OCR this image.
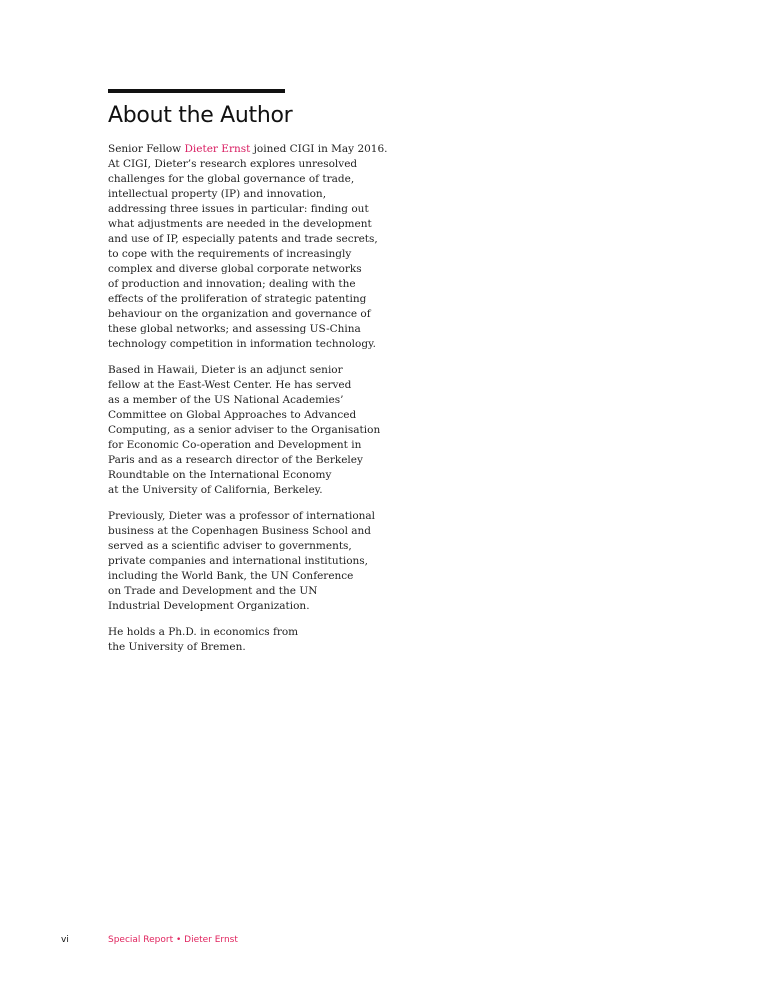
About the Author

Senior Fellow Dieter Ernst joined CIGI in May 2016.
At CIGI, Dieter’s research explores unresolved
challenges for the global governance of trade,
intellectual property (IP) and innovation,
addressing three issues in particular: finding out
what adjustments are needed in the development
and use of IP, especially patents and trade secrets,
to cope with the requirements of increasingly
complex and diverse global corporate networks
of production and innovation; dealing with the
effects of the proliferation of strategic patenting
behaviour on the organization and governance of
these global networks; and assessing US-China
technology competition in information technology.

Based in Hawaii, Dieter is an adjunct senior
fellow at the East-West Center. He has served
as a member of the US National Academies’
Committee on Global Approaches to Advanced
Computing, as a senior adviser to the Organisation
for Economic Co-operation and Development in
Paris and as a research director of the Berkeley
Roundtable on the International Economy
at the University of California, Berkeley.

Previously, Dieter was a professor of international
business at the Copenhagen Business School and
served as a scientific adviser to governments,
private companies and international institutions,
including the World Bank, the UN Conference
on Trade and Development and the UN
Industrial Development Organization.

He holds a Ph.D. in economics from
the University of Bremen.

vi	Special Report • Dieter Ernst
